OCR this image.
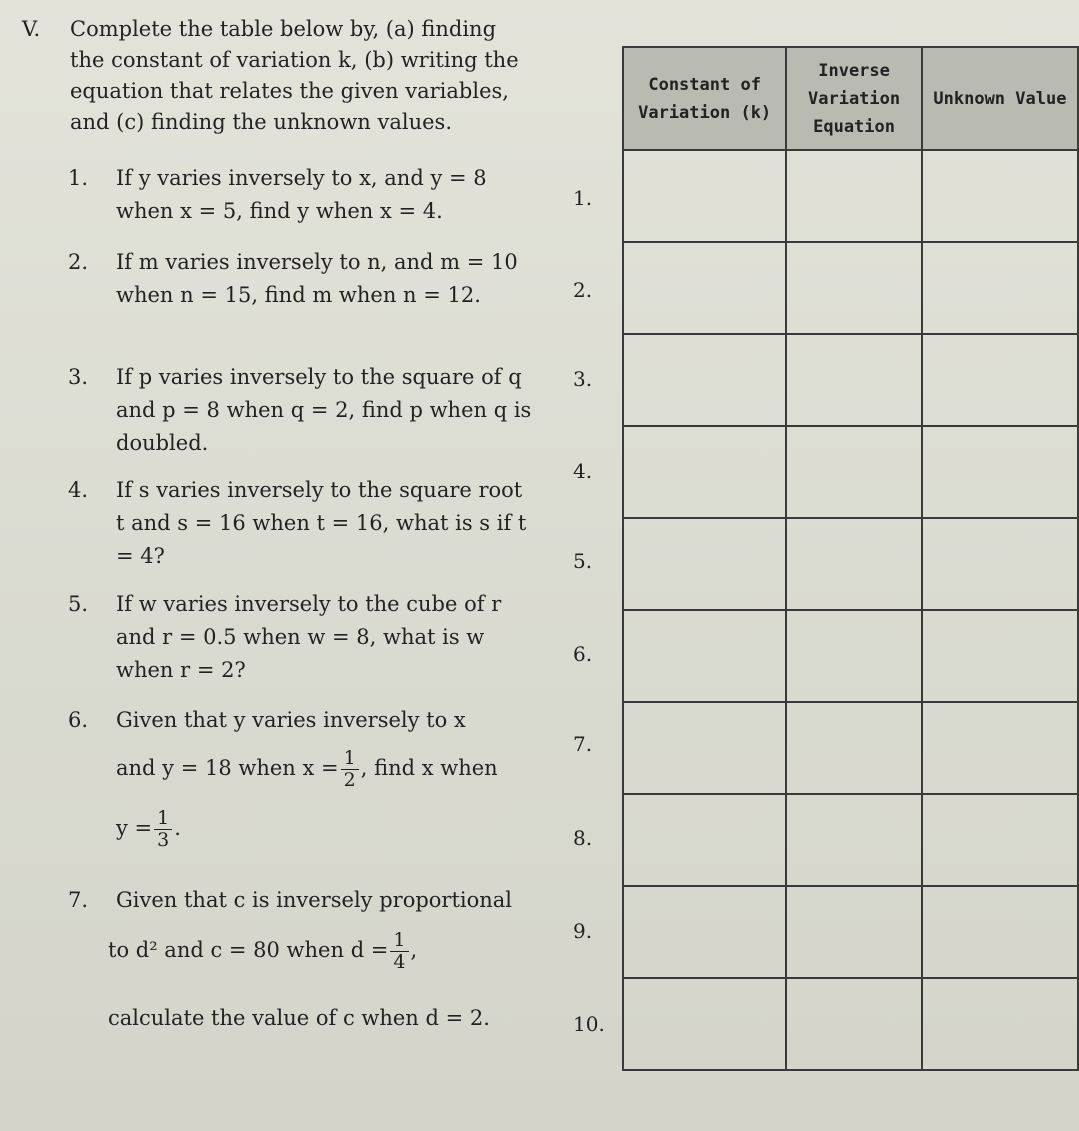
V. Complete the table below by, (a) finding the constant of variation k, (b) writing the equation that relates the given variables, and (c) finding the unknown values.
1. If y varies inversely to x, and y = 8 when x = 5, find y when x = 4.
2. If m varies inversely to n, and m = 10 when n = 15, find m when n = 12.
3. If p varies inversely to the square of q and p = 8 when q = 2, find p when q is doubled.
4. If s varies inversely to the square root t and s = 16 when t = 16, what is s if t = 4?
5. If w varies inversely to the cube of r and r = 0.5 when w = 8, what is w when r = 2?
6. Given that y varies inversely to x
and y = 18 when $x = \frac{1}{2}$ , find x when
$y = \frac{1}{3}$ .
7. Given that c is inversely proportional
to d² and c = 80 when $d = \frac{1}{4}$ ,
calculate the value of c when d = 2.
1.
2.
3.
4.
5.
6.
7.
8.
9.
10.
Constant of Variation (k)	Inverse Variation Equation	Unknown Value
